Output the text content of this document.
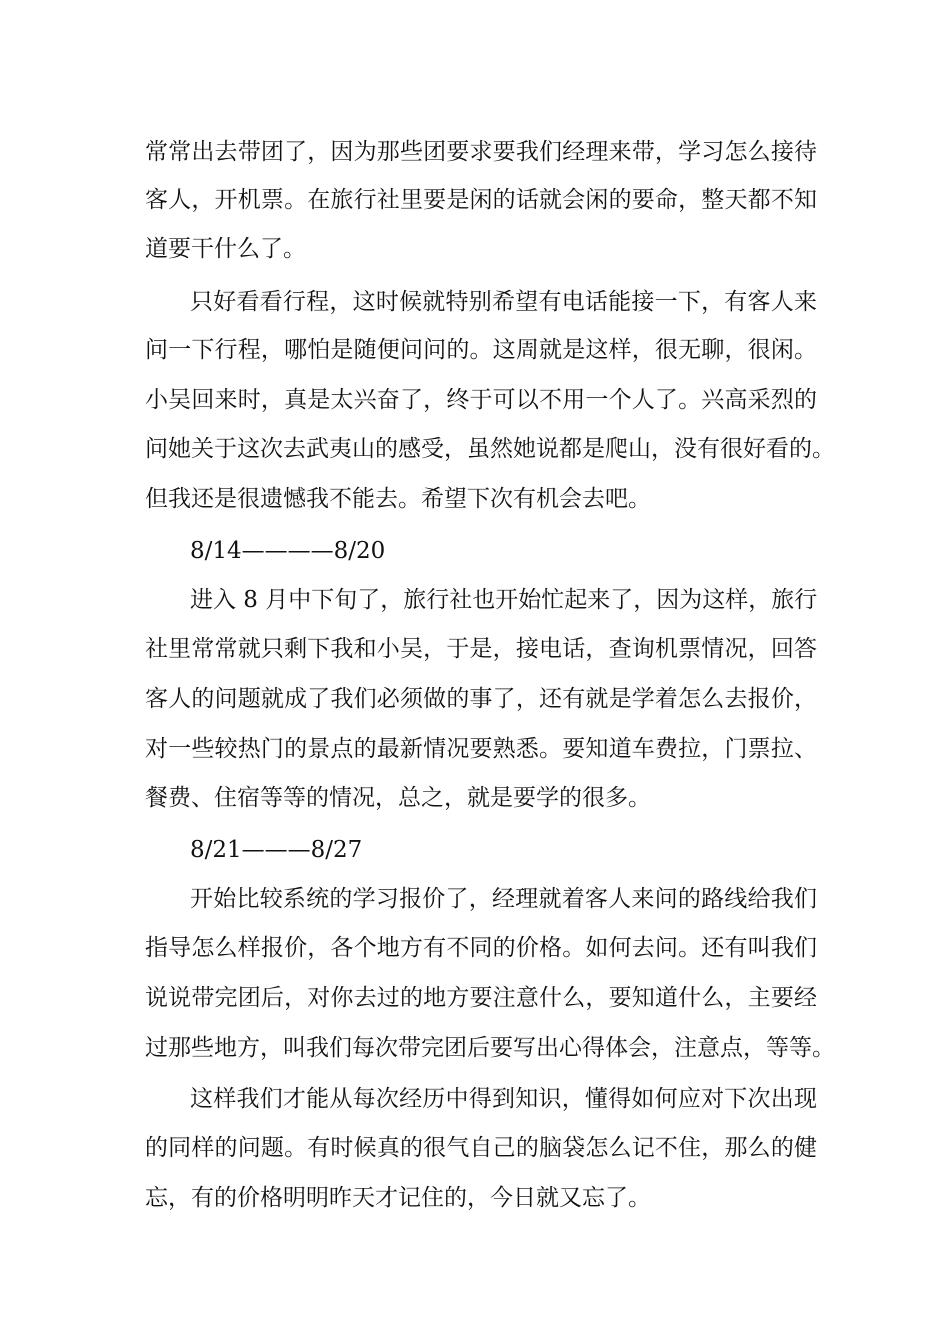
常常出去带团了，因为那些团要求要我们经理来带，学习怎么接待
客人，开机票。在旅行社里要是闲的话就会闲的要命，整天都不知
道要干什么了。
只好看看行程，这时候就特别希望有电话能接一下，有客人来
问一下行程，哪怕是随便问问的。这周就是这样，很无聊，很闲。
小吴回来时，真是太兴奋了，终于可以不用一个人了。兴高采烈的
问她关于这次去武夷山的感受，虽然她说都是爬山，没有很好看的。
但我还是很遗憾我不能去。希望下次有机会去吧。
8/14————8/20
进入 8 月中下旬了，旅行社也开始忙起来了，因为这样，旅行
社里常常就只剩下我和小吴，于是，接电话，查询机票情况，回答
客人的问题就成了我们必须做的事了，还有就是学着怎么去报价，
对一些较热门的景点的最新情况要熟悉。要知道车费拉，门票拉、
餐费、住宿等等的情况，总之，就是要学的很多。
8/21———8/27
开始比较系统的学习报价了，经理就着客人来问的路线给我们
指导怎么样报价，各个地方有不同的价格。如何去问。还有叫我们
说说带完团后，对你去过的地方要注意什么，要知道什么，主要经
过那些地方，叫我们每次带完团后要写出心得体会，注意点，等等。
这样我们才能从每次经历中得到知识，懂得如何应对下次出现
的同样的问题。有时候真的很气自己的脑袋怎么记不住，那么的健
忘，有的价格明明昨天才记住的，今日就又忘了。
